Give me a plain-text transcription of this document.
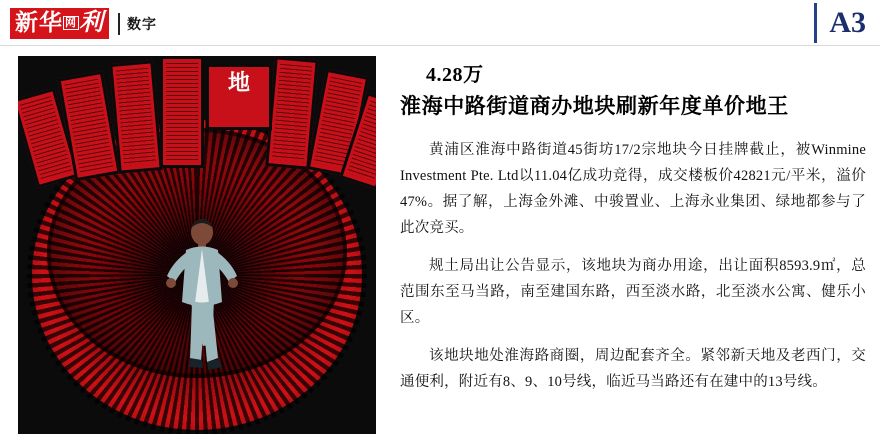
新华 网利	数字	A3
地	4.28万
淮海中路街道商办地块刷新年度单价地王

黄浦区淮海中路街道45街坊17/2宗地块今日挂牌截止，被Winmine Investment Pte. Ltd以11.04亿成功竞得，成交楼板价42821元/平米，溢价47%。据了解，上海金外滩、中骏置业、上海永业集团、绿地都参与了此次竞买。

规土局出让公告显示，该地块为商办用途，出让面积8593.9㎡，总范围东至马当路，南至建国东路，西至淡水路，北至淡水公寓、健乐小区。

该地块地处淮海路商圈，周边配套齐全。紧邻新天地及老西门，交通便利，附近有8、9、10号线，临近马当路还有在建中的13号线。
